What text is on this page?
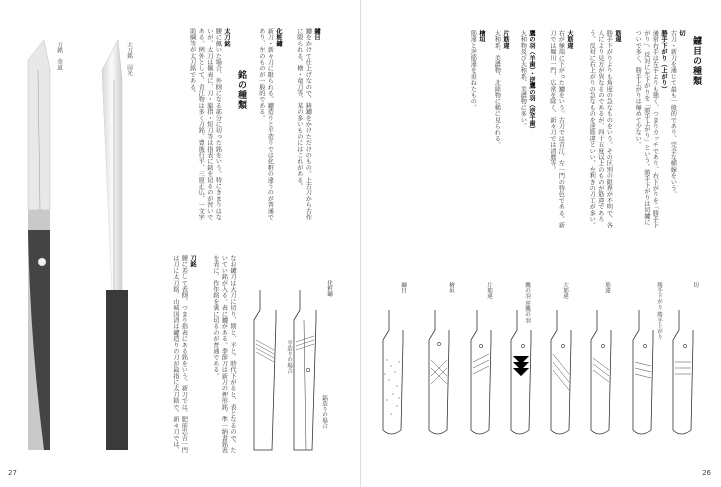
大刀銘　国光
刀銘　金道
鑢目
鑢をかけて仕上げなので、鋳鑢をかけただけのもの。上古刀から古作に限られる。檜・竜刀等、某の多いものにはこれがある。
化粧鑢
新刀・新々刀に限られる。鑢造りと平造りでは化粧の違うのが普通であり、左のものが一般的である。
銘の種類
太刀銘
腰に佩いた場合、外側になる部分に切った銘をいう。特にきまりはないが、太刀は佩表に、刀・脇指・短刀等は指表に銘を切るのが習いである。例外として、青江物は多く刀銘、豊後行平、三原正広、一文字助綱等が太刀銘である。
化粧鑢
平造りの場合
鎬造りの場合
なお鑢刀は大刀に切り、期と、平と、時代下がると、表となるので、たいてい銘が入る。表に鑢がある。季節刀は新刀の押形銘、準一納書銘表を表に、作年銘を裏に切るのが普通である。
刀銘
腰に差して表側、つまり指表にある銘をいう。新刀では、肥前忠吉一門は刀に太刀銘、山城国清は鑢造りの刀が最指に太刀銘で、新々刀では、
27
鑢目の種類
切
古刀・新刀を通じて最も一般的であり、完全な横線をいう。
勝手下がり（上がり）
通常右手は左手よりも強く、つまりカッチであり、右下がりを「勝手下がり」、反対に左下がりを「勝手上がり」という。勝手下がりは切鑢についで多く、勝手上がりは極めて少ない。
筋違
勝手下がりよりも角度の急なものをいう。その区別の限界が不明で、各人により見方が異なるのであるが、四十五度以上のものが筋違であろう。反対に右上がりの急なものを逆筋違といい、左利きの刀工が多い。
大筋違
右が極端に下がった鑢をいう。古刀では青江、左一門の特色である。新刀では堀川一門、広常を除く、新々刀では清麿等。
鷹の羽（羊歯）・逆鷹の羽（逆羊歯）
大和物及び大和系、美濃物に多い。
片筋違
大和系、美濃物、北陸物に稀に見られる。
檜垣
筋違と逆筋違を重ねたもの。
切
勝手下がり 勝手上がり
筋違
大筋違
鷹の羽 逆鷹の羽
片筋違
檜垣
鑢目
26
